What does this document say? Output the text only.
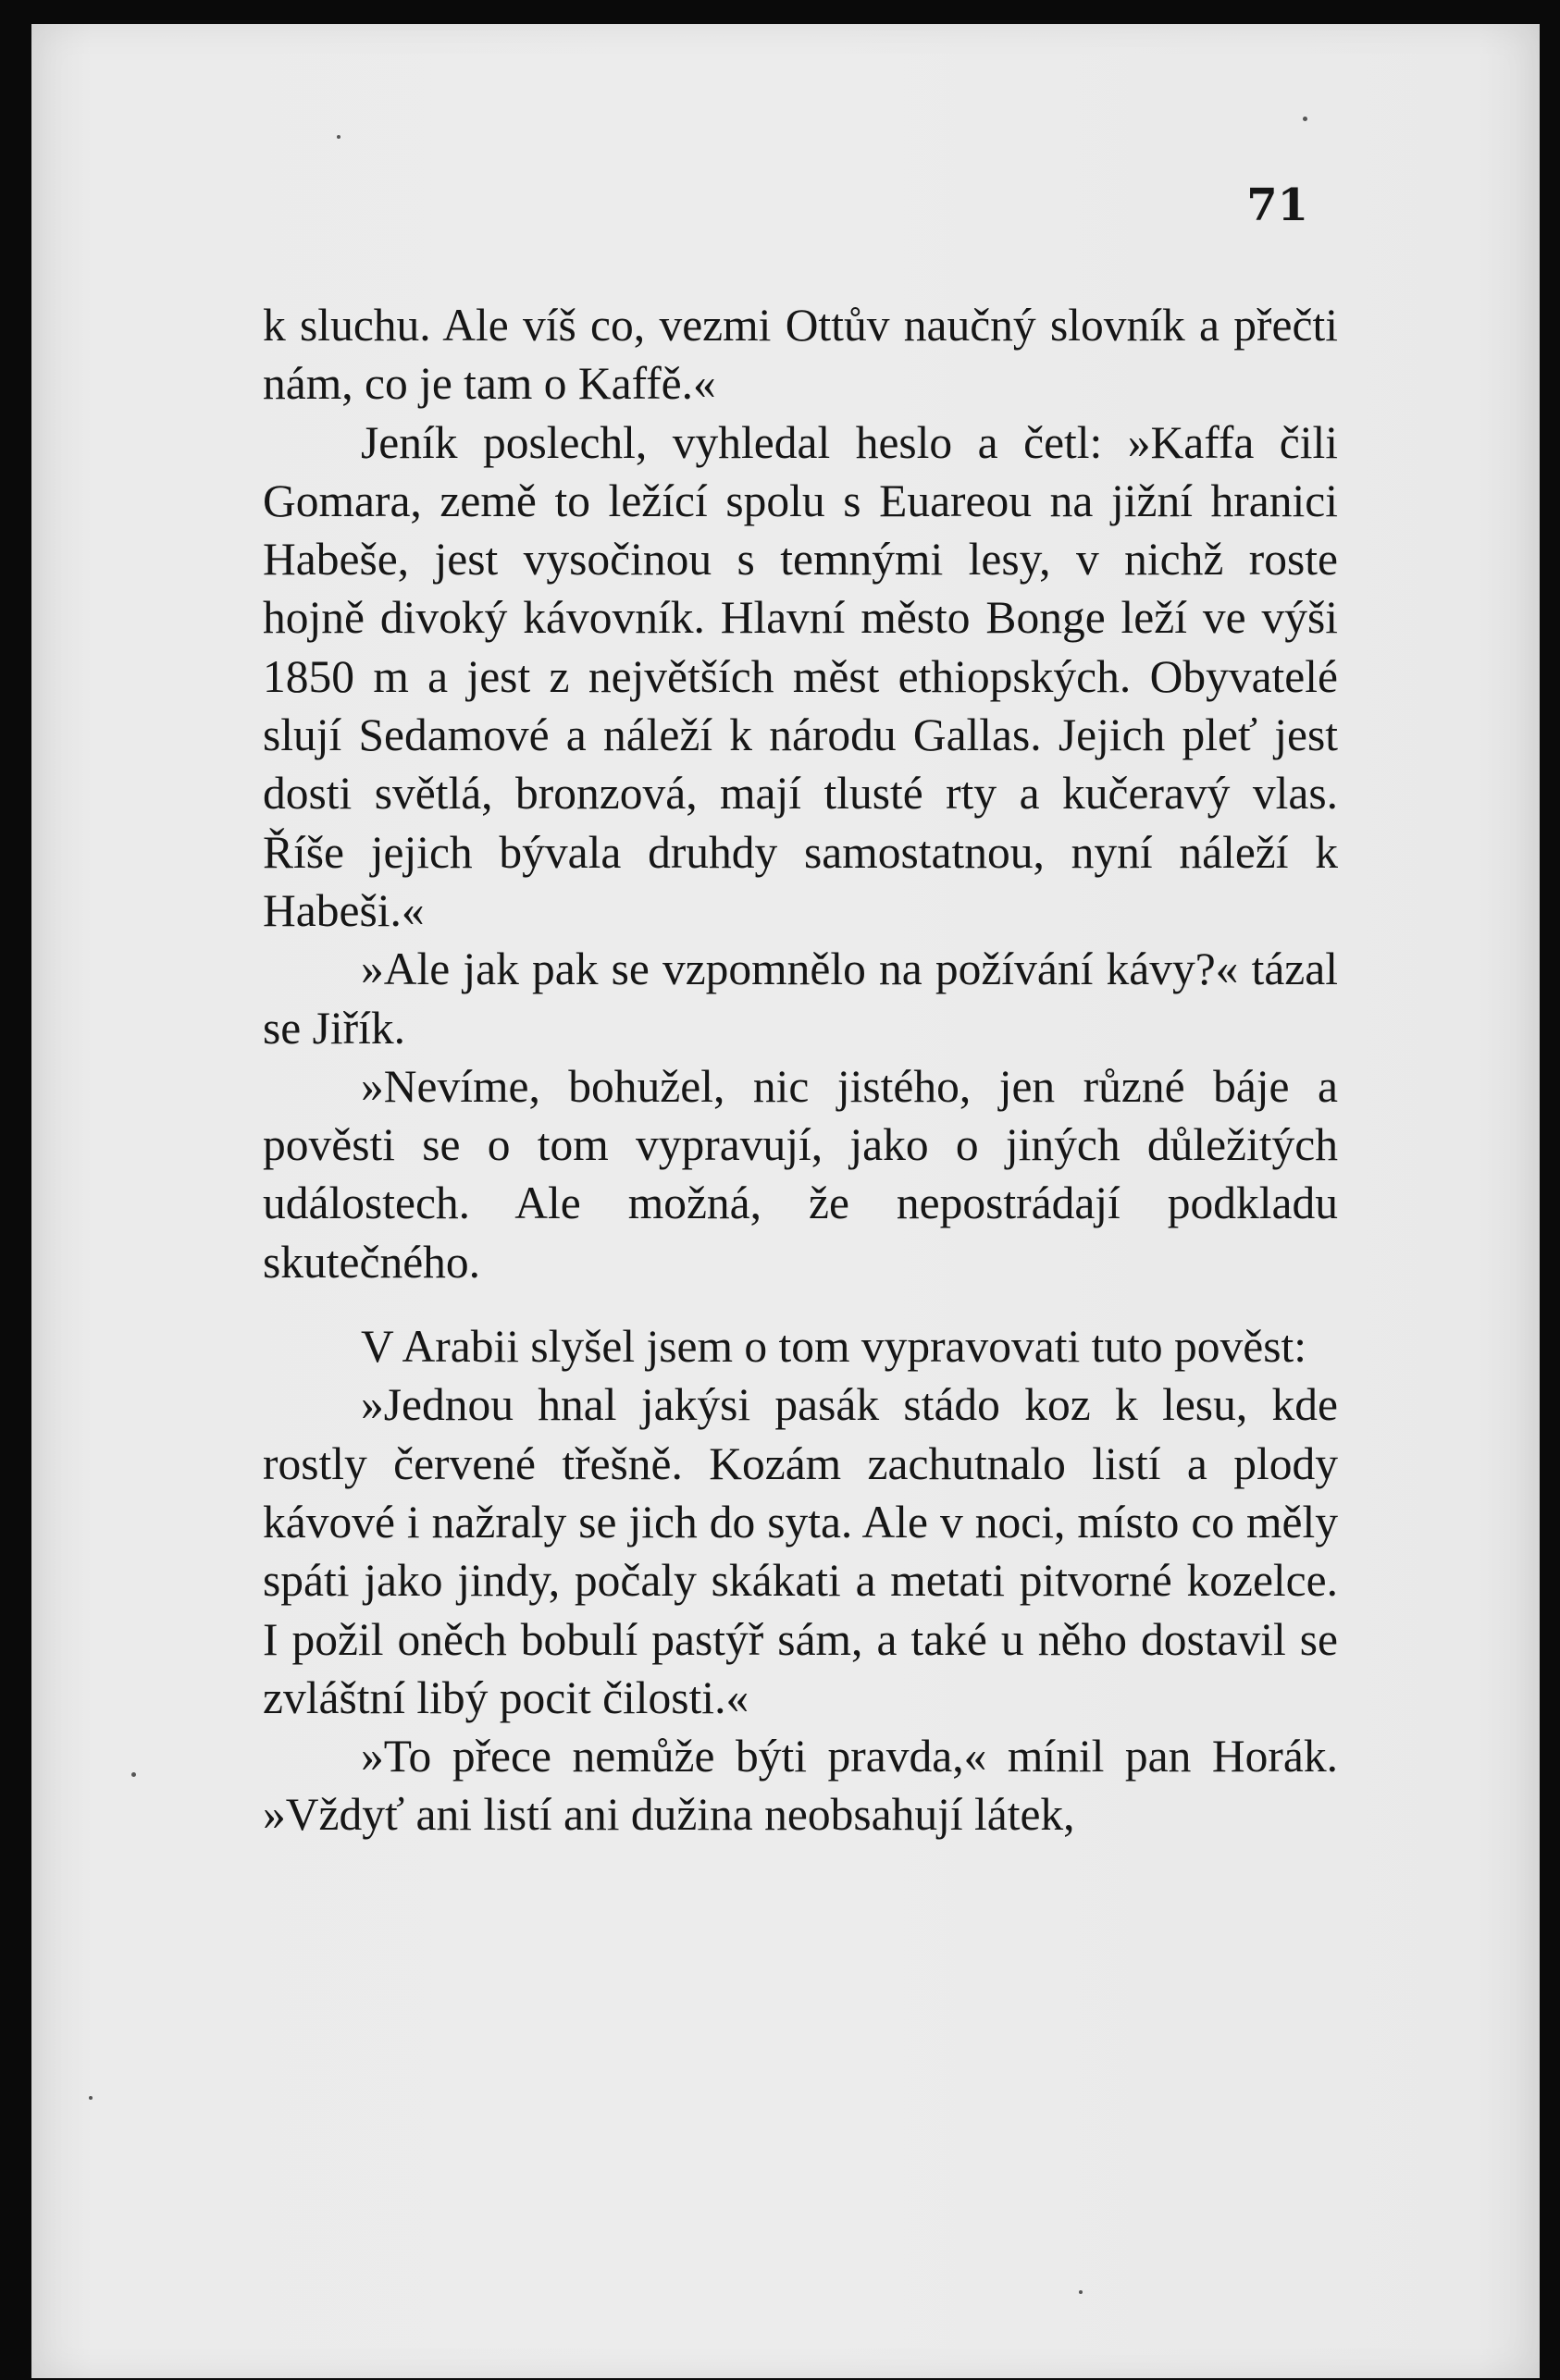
71

k sluchu. Ale víš co, vezmi Ottův naučný slovník a přečti nám, co je tam o Kaffě.«

Jeník poslechl, vyhledal heslo a četl: »Kaffa čili Gomara, země to ležící spolu s Euareou na jižní hranici Habeše, jest vysočinou s temnými lesy, v nichž roste hojně divoký kávovník. Hlavní město Bonge leží ve výši 1850 m a jest z největších měst ethiopských. Obyvatelé slují Sedamové a náleží k národu Gallas. Jejich pleť jest dosti světlá, bronzová, mají tlusté rty a kučeravý vlas. Říše jejich bývala druhdy samostatnou, nyní náleží k Habeši.«

»Ale jak pak se vzpomnělo na požívání kávy?« tázal se Jiřík.

»Nevíme, bohužel, nic jistého, jen různé báje a pověsti se o tom vypravují, jako o jiných důležitých událostech. Ale možná, že nepostrádají podkladu skutečného.

V Arabii slyšel jsem o tom vypravovati tuto pověst:

»Jednou hnal jakýsi pasák stádo koz k lesu, kde rostly červené třešně. Kozám zachutnalo listí a plody kávové i nažraly se jich do syta. Ale v noci, místo co měly spáti jako jindy, počaly skákati a metati pitvorné kozelce. I požil oněch bobulí pastýř sám, a také u něho dostavil se zvláštní libý pocit čilosti.«

»To přece nemůže býti pravda,« mínil pan Horák. »Vždyť ani listí ani dužina neobsahují látek,
